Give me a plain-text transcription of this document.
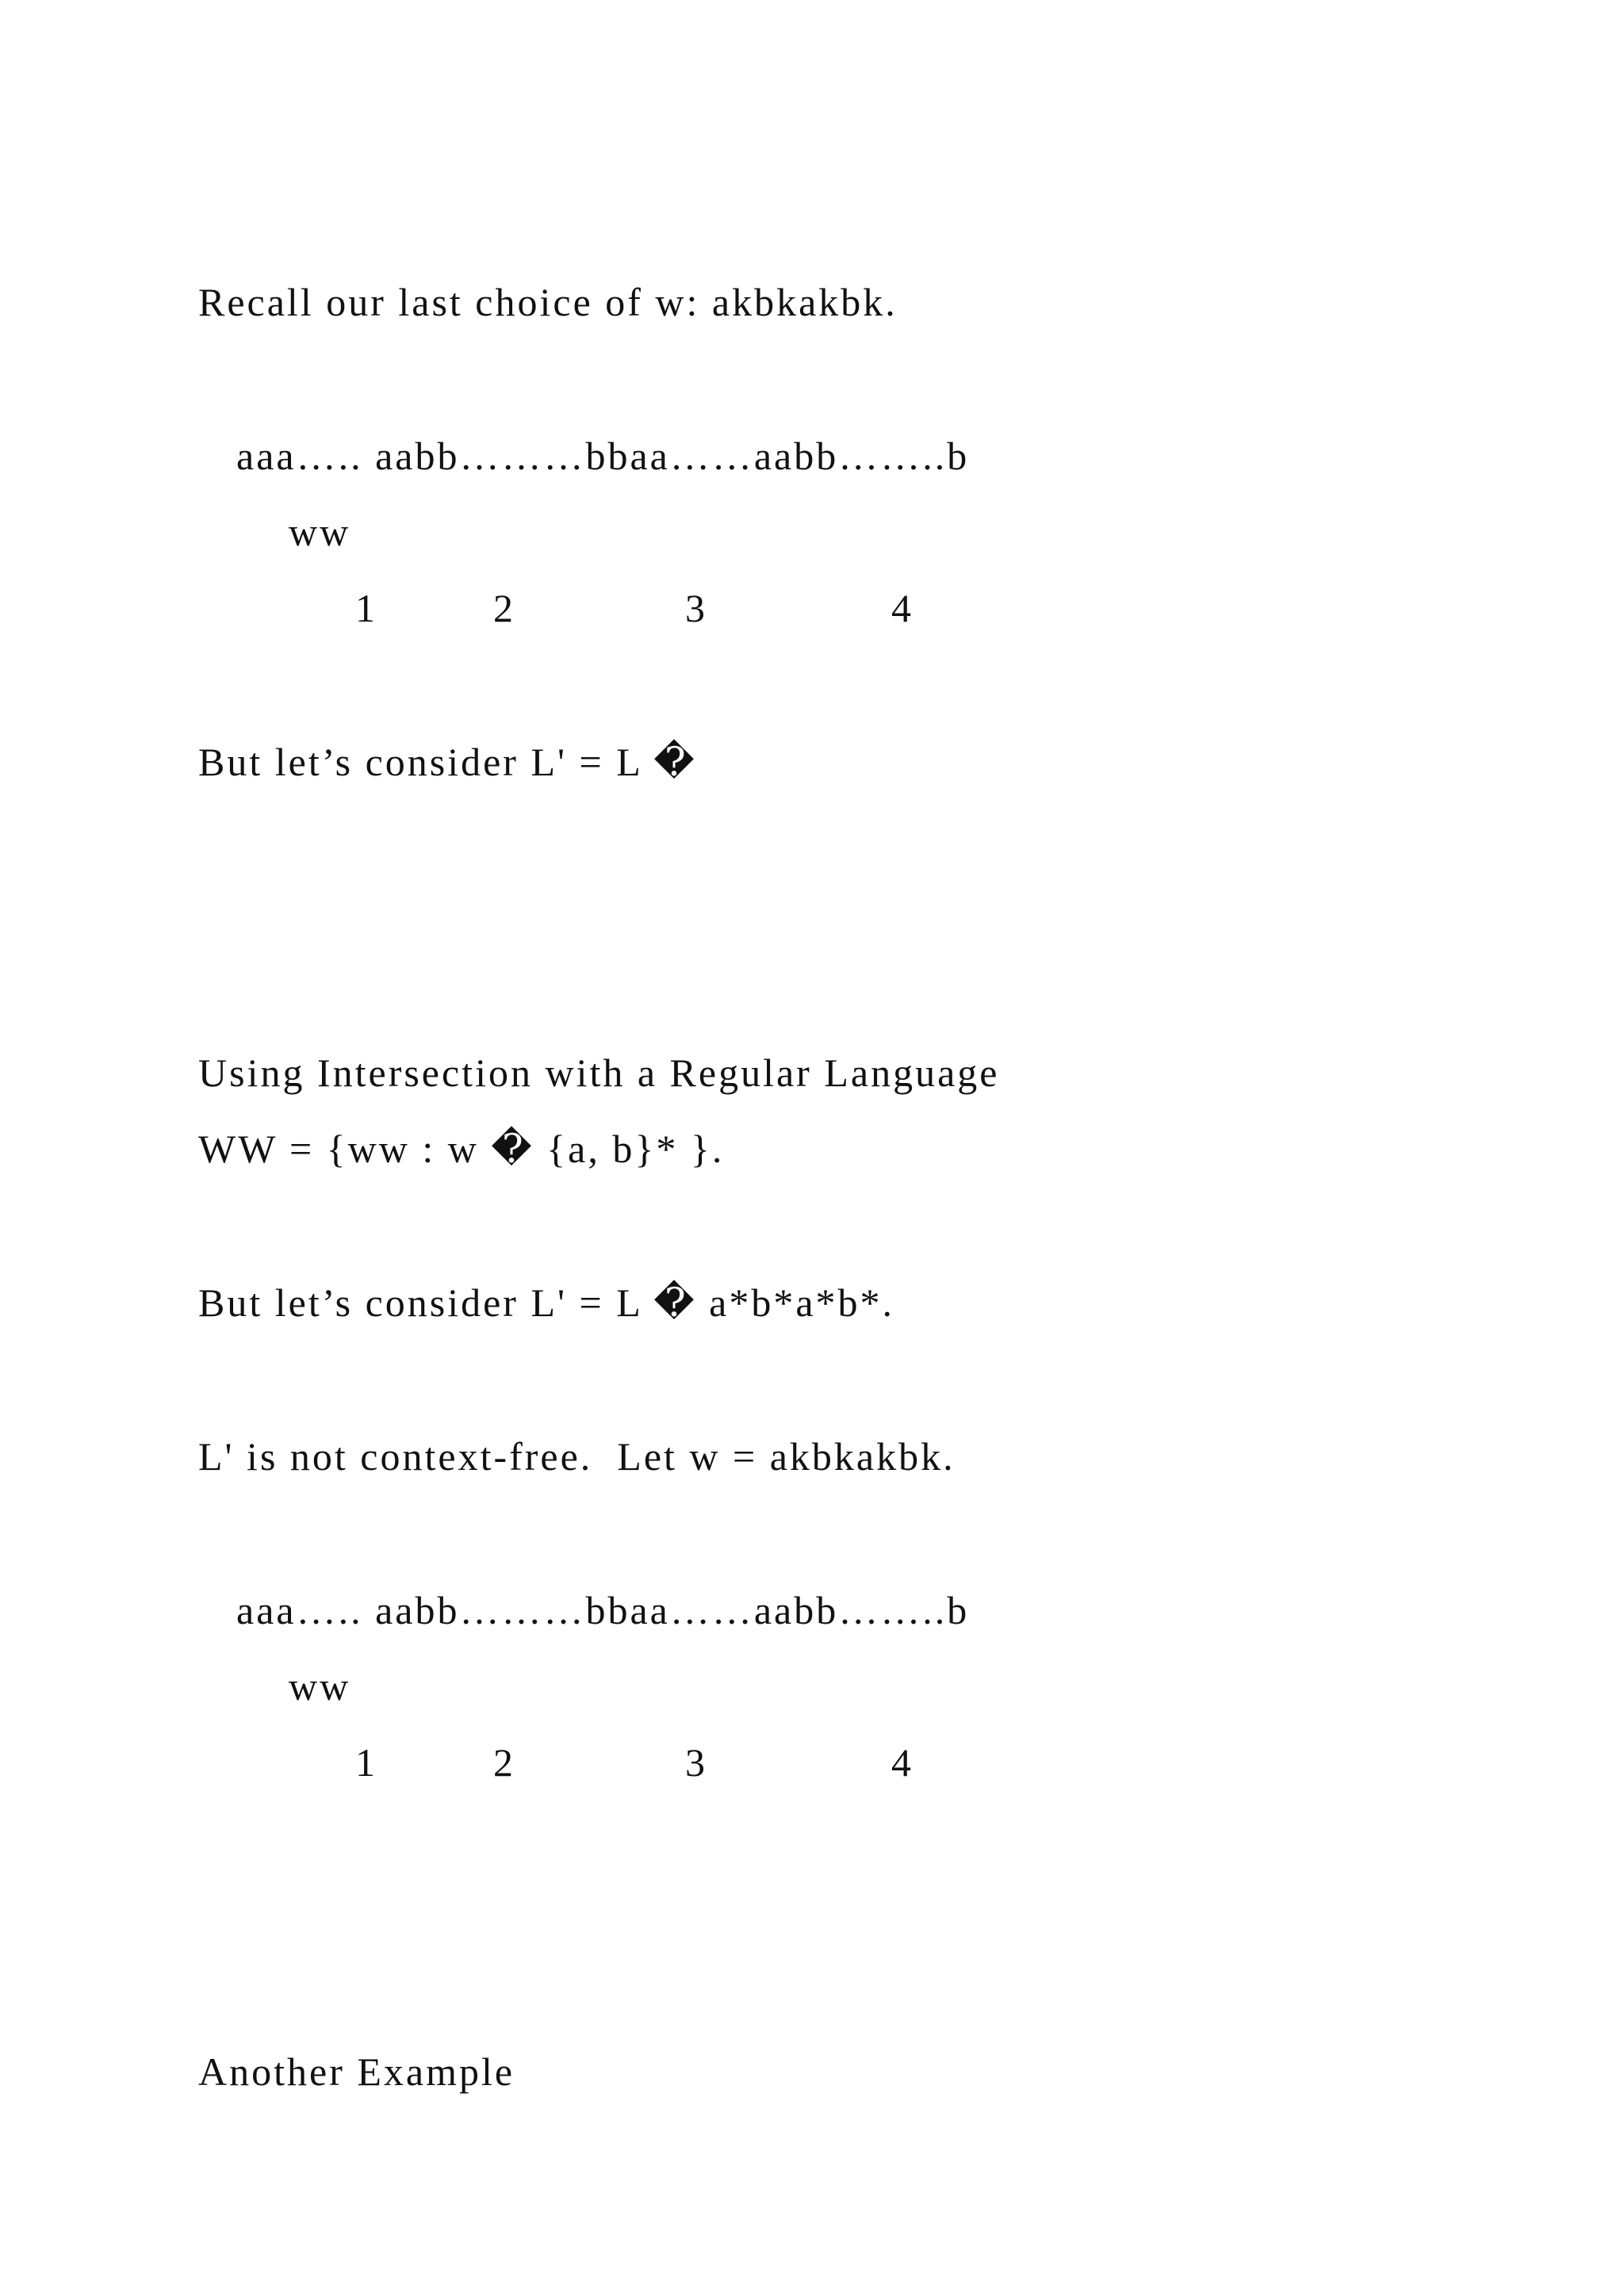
Recall our last choice of w: akbkakbk.
aaa….. aabb………bbaa……aabb……..b
ww
1	2	3	4
But let’s consider L' = L �
Using Intersection with a Regular Language
WW = {ww : w � {a, b}* }.
But let’s consider L' = L � a*b*a*b*.
L' is not context-free.  Let w = akbkakbk.
aaa….. aabb………bbaa……aabb……..b
ww
1	2	3	4
Another Example
